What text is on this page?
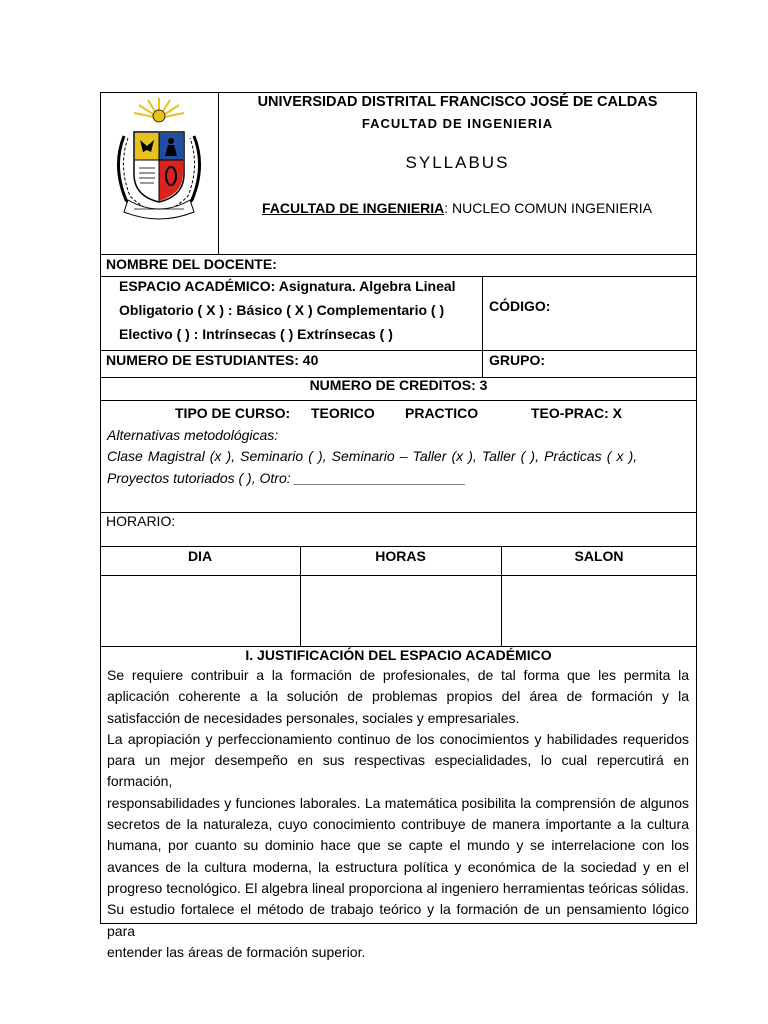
UNIVERSIDAD DISTRITAL FRANCISCO JOSÉ DE CALDAS
FACULTAD DE INGENIERIA
SYLLABUS
FACULTAD DE INGENIERIA: NUCLEO COMUN INGENIERIA
NOMBRE DEL DOCENTE:
ESPACIO ACADÉMICO: Asignatura. Algebra Lineal
Obligatorio ( X ) : Básico ( X ) Complementario ( )
Electivo ( ) : Intrínsecas ( ) Extrínsecas ( )
CÓDIGO:
NUMERO DE ESTUDIANTES: 40	GRUPO:
NUMERO DE CREDITOS: 3
TIPO DE CURSO: TEORICO PRACTICO	TEO-PRAC: X
Alternativas metodológicas:
Clase Magistral (x ), Seminario ( ), Seminario – Taller (x ), Taller ( ), Prácticas ( x ),
Proyectos tutoriados ( ), Otro: ______________________
HORARIO:
DIA	HORAS	SALON
I. JUSTIFICACIÓN DEL ESPACIO ACADÉMICO
Se requiere contribuir a la formación de profesionales, de tal forma que les permita la
aplicación coherente a la solución de problemas propios del área de formación y la
satisfacción de necesidades personales, sociales y empresariales.
La apropiación y perfeccionamiento continuo de los conocimientos y habilidades requeridos
para un mejor desempeño en sus respectivas especialidades, lo cual repercutirá en formación,
responsabilidades y funciones laborales. La matemática posibilita la comprensión de algunos
secretos de la naturaleza, cuyo conocimiento contribuye de manera importante a la cultura
humana, por cuanto su dominio hace que se capte el mundo y se interrelacione con los
avances de la cultura moderna, la estructura política y económica de la sociedad y en el
progreso tecnológico. El algebra lineal proporciona al ingeniero herramientas teóricas sólidas.
Su estudio fortalece el método de trabajo teórico y la formación de un pensamiento lógico para
entender las áreas de formación superior.
